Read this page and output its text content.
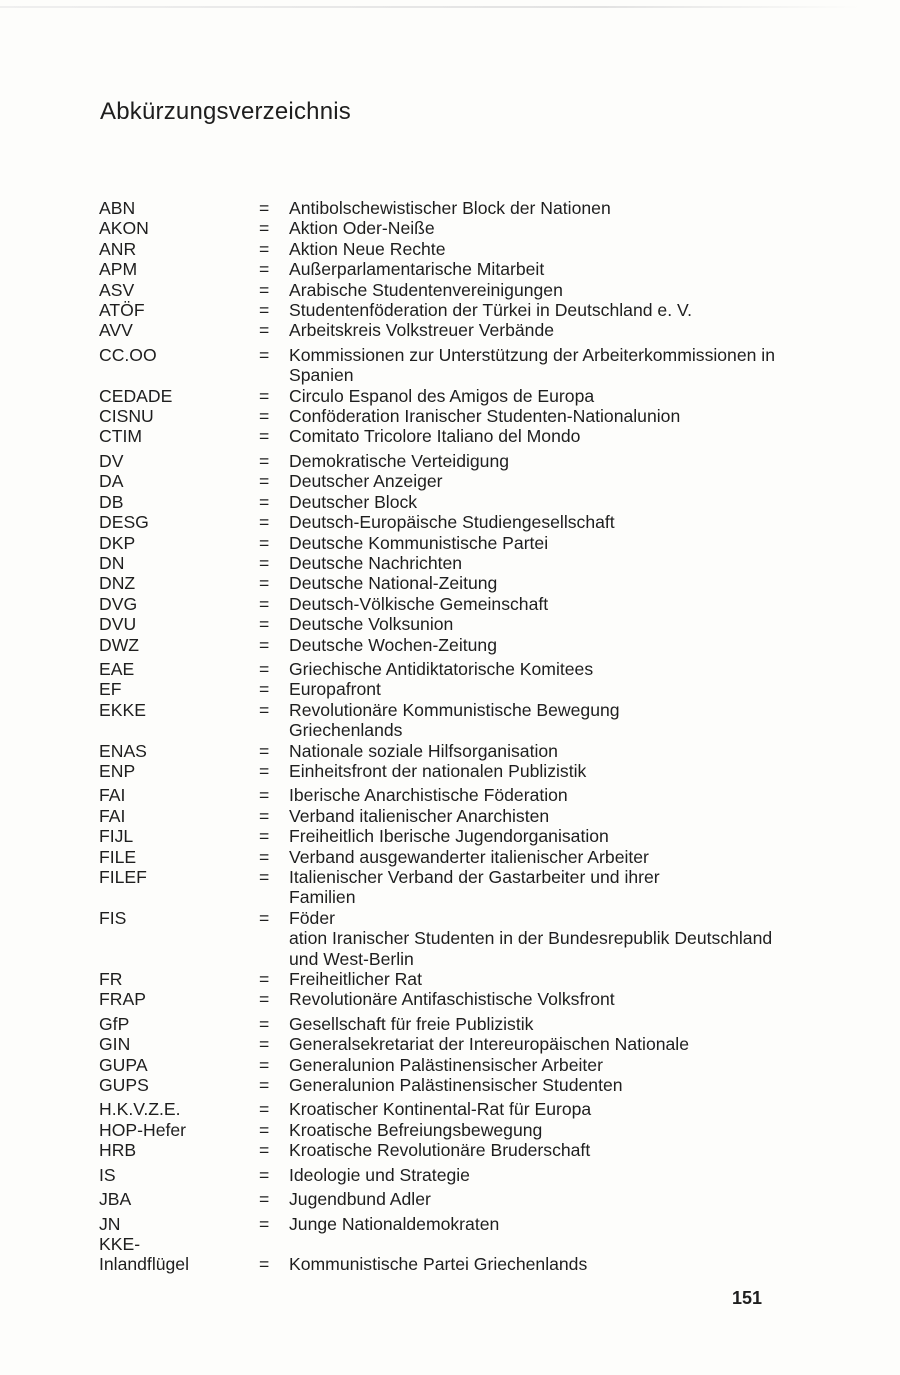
Abkürzungsverzeichnis
ABN	=	Antibolschewistischer Block der Nationen
AKON	=	Aktion Oder-Neiße
ANR	=	Aktion Neue Rechte
APM	=	Außerparlamentarische Mitarbeit
ASV	=	Arabische Studentenvereinigungen
ATÖF	=	Studentenföderation der Türkei in Deutschland e. V.
AVV	=	Arbeitskreis Volkstreuer Verbände
CC.OO	=	Kommissionen zur Unterstützung der Arbeiterkommissionen in Spanien
CEDADE	=	Circulo Espanol des Amigos de Europa
CISNU	=	Conföderation Iranischer Studenten-Nationalunion
CTIM	=	Comitato Tricolore Italiano del Mondo
DV	=	Demokratische Verteidigung
DA	=	Deutscher Anzeiger
DB	=	Deutscher Block
DESG	=	Deutsch-Europäische Studiengesellschaft
DKP	=	Deutsche Kommunistische Partei
DN	=	Deutsche Nachrichten
DNZ	=	Deutsche National-Zeitung
DVG	=	Deutsch-Völkische Gemeinschaft
DVU	=	Deutsche Volksunion
DWZ	=	Deutsche Wochen-Zeitung
EAE	=	Griechische Antidiktatorische Komitees
EF	=	Europafront
EKKE	=	Revolutionäre Kommunistische Bewegung
Griechenlands
ENAS	=	Nationale soziale Hilfsorganisation
ENP	=	Einheitsfront der nationalen Publizistik
FAI	=	Iberische Anarchistische Föderation
FAI	=	Verband italienischer Anarchisten
FIJL	=	Freiheitlich Iberische Jugendorganisation
FILE	=	Verband ausgewanderter italienischer Arbeiter
FILEF	=	Italienischer Verband der Gastarbeiter und ihrer
Familien
FIS	=	Föder
ation Iranischer Studenten in der Bundesrepublik Deutschland und West-Berlin
FR	=	Freiheitlicher Rat
FRAP	=	Revolutionäre Antifaschistische Volksfront
GfP	=	Gesellschaft für freie Publizistik
GIN	=	Generalsekretariat der Intereuropäischen Nationale
GUPA	=	Generalunion Palästinensischer Arbeiter
GUPS	=	Generalunion Palästinensischer Studenten
H.K.V.Z.E.	=	Kroatischer Kontinental-Rat für Europa
HOP-Hefer	=	Kroatische Befreiungsbewegung
HRB	=	Kroatische Revolutionäre Bruderschaft
IS	=	Ideologie und Strategie
JBA	=	Jugendbund Adler
JN	=	Junge Nationaldemokraten
KKE-
Inlandflügel	=	Kommunistische Partei Griechenlands
151
